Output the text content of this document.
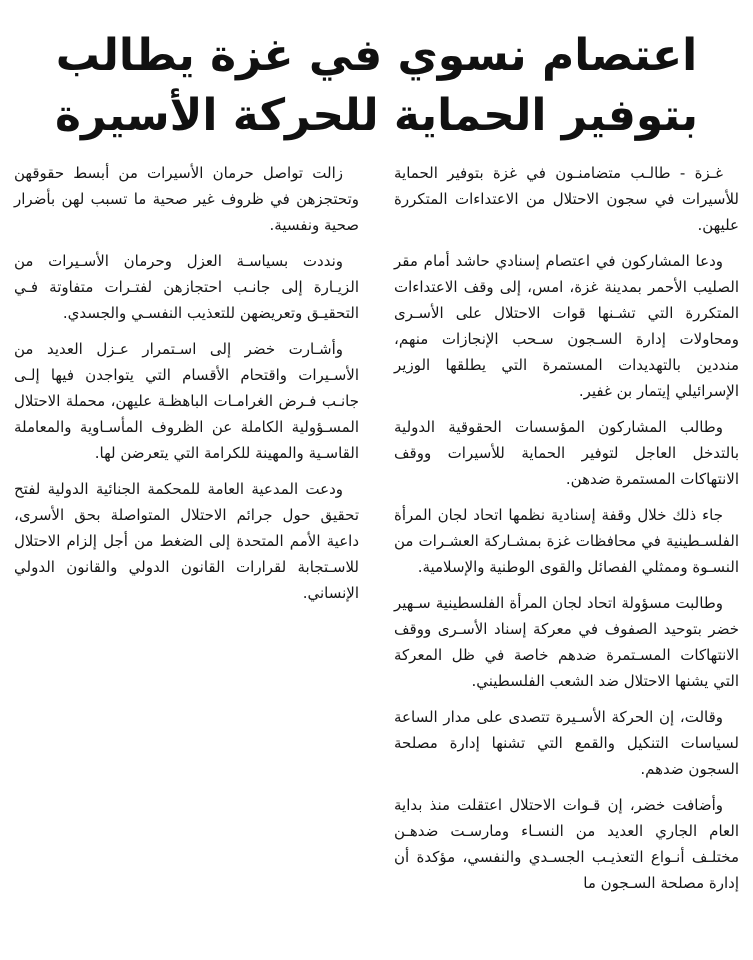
اعتصام نسوي في غزة يطالب
بتوفير الحماية للحركة الأسيرة

غـزة - طالـب متضامنـون في غزة بتوفير الحماية للأسيرات في سجون الاحتلال من الاعتداءات المتكررة عليهن.

ودعا المشاركون في اعتصام إسنادي حاشد أمام مقر الصليب الأحمر بمدينة غزة، امس، إلى وقف الاعتداءات المتكررة التي تشـنها قوات الاحتلال على الأسـرى ومحاولات إدارة السـجون سـحب الإنجازات منهم، منددين بالتهديدات المستمرة التي يطلقها الوزير الإسرائيلي إيتمار بن غفير.

وطالب المشاركون المؤسسات الحقوقية الدولية بالتدخل العاجل لتوفير الحماية للأسيرات ووقف الانتهاكات المستمرة ضدهن.

جاء ذلك خلال وقفة إسنادية نظمها اتحاد لجان المرأة الفلسـطينية في محافظات غزة بمشـاركة العشـرات من النسـوة وممثلي الفصائل والقوى الوطنية والإسلامية.

وطالبت مسؤولة اتحاد لجان المرأة الفلسطينية سـهير خضر بتوحيد الصفوف في معركة إسناد الأسـرى ووقف الانتهاكات المسـتمرة ضدهم خاصة في ظل المعركة التي يشنها الاحتلال ضد الشعب الفلسطيني.

وقالت، إن الحركة الأسـيرة تتصدى على مدار الساعة لسياسات التنكيل والقمع التي تشنها إدارة مصلحة السجون ضدهم.

وأضافت خضر، إن قـوات الاحتلال اعتقلت منذ بداية العام الجاري العديد من النسـاء ومارسـت ضدهـن مختلـف أنـواع التعذيـب الجسـدي والنفسي، مؤكدة أن إدارة مصلحة السـجون ما

زالت تواصل حرمان الأسيرات من أبسط حقوقهن وتحتجزهن في ظروف غير صحية ما تسبب لهن بأضرار صحية ونفسية.

ونددت بسياسـة العزل وحرمان الأسـيرات من الزيـارة إلى جانـب احتجازهن لفتـرات متفاوتة فـي التحقيـق وتعريضهن للتعذيب النفسـي والجسدي.

وأشـارت خضر إلى اسـتمرار عـزل العديد من الأسـيرات واقتحام الأقسام التي يتواجدن فيها إلـى جانـب فـرض الغرامـات الباهظـة عليهن، محملة الاحتلال المسـؤولية الكاملة عن الظروف المأسـاوية والمعاملة القاسـية والمهينة للكرامة التي يتعرضن لها.

ودعت المدعية العامة للمحكمة الجنائية الدولية لفتح تحقيق حول جرائم الاحتلال المتواصلة بحق الأسرى، داعية الأمم المتحدة إلى الضغط من أجل إلزام الاحتلال للاسـتجابة لقرارات القانون الدولي والقانون الدولي الإنساني.
